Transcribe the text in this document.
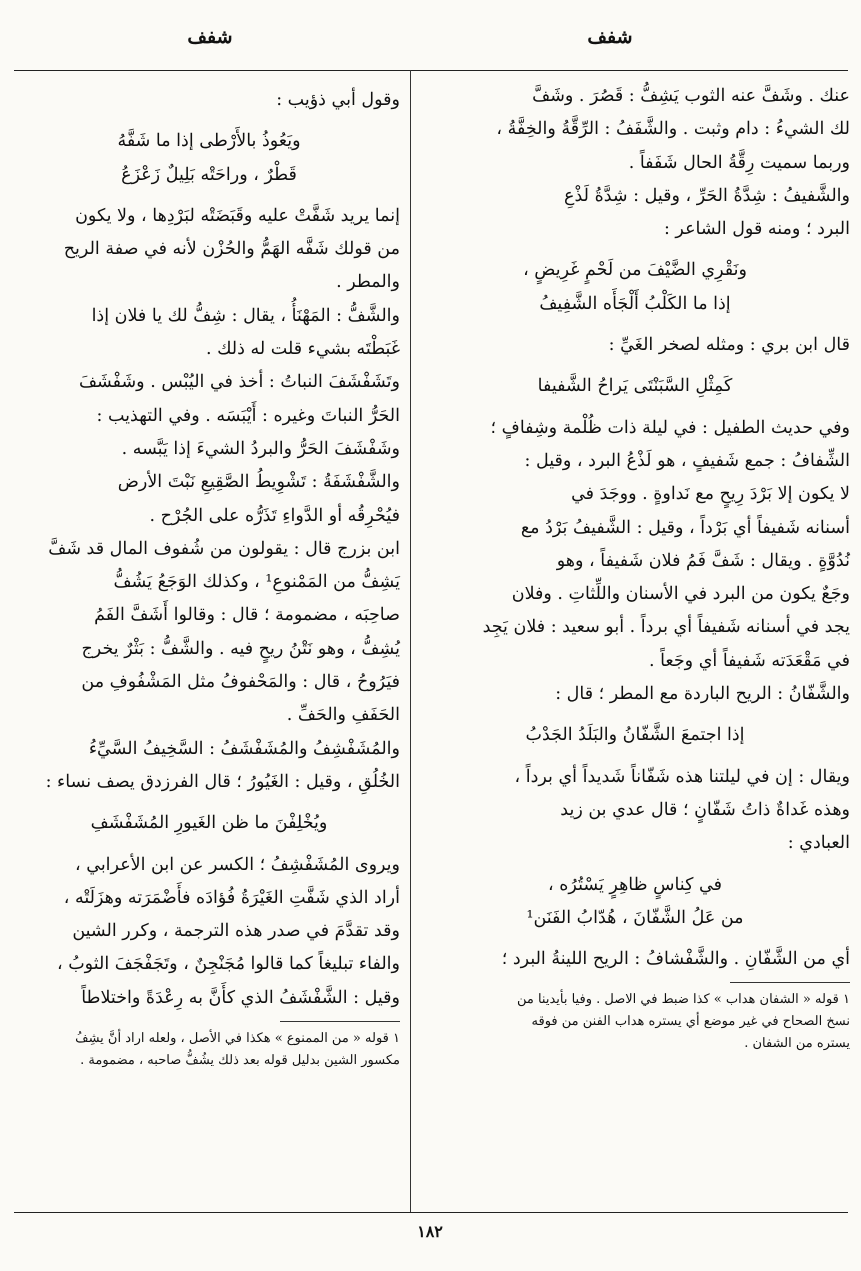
شفف
شفف

عنك . وشَفَّ عنه الثوب يَشِفُّ : قَصُرَ . وشَفَّ

لك الشيءُ : دام وثبت . والشَّفَفُ : الرِّقَّةُ والخِفَّةُ ،

وربما سميت رِقَّةُ الحال شَفَفاً .

والشَّفيفُ : شِدَّةُ الحَرِّ ، وقيل : شِدَّةُ لَذْعِ

البرد ؛ ومنه قول الشاعر :

ونَقْرِي الضَّيْفَ من لَحْمٍ غَرِيضٍ ،

إذا ما الكَلْبُ أَلْجَأَه الشَّفِيفُ

قال ابن بري : ومثله لصخر الغَيِّ :

كَمِثْلِ السَّبَنْتَى يَراحُ الشَّفيفا

وفي حديث الطفيل : في ليلة ذات ظُلْمة وشِفافٍ ؛

الشِّفافُ : جمع شَفيفٍ ، هو لَذْعُ البرد ، وقيل :

لا يكون إلا بَرْدَ رِيحٍ مع نَداوةٍ . ووجَدَ في

أسنانه شَفيفاً أي بَرْداً ، وقيل : الشَّفيفُ بَرْدُ مع

نُدُوَّةٍ . ويقال : شَفَّ فَمُ فلان شَفيفاً ، وهو

وجَعٌ يكون من البرد في الأسنان واللِّثاتِ . وفلان

يجد في أسنانه شَفيفاً أي برداً . أبو سعيد : فلان يَجِد

في مَقْعَدَته شَفيفاً أي وجَعاً .

والشَّفّانُ : الريح الباردة مع المطر ؛ قال :

إذا اجتمعَ الشَّفّانُ والبَلَدُ الجَدْبُ

ويقال : إن في ليلتنا هذه شَفّاناً شَديداً أي برداً ،

وهذه غَداةٌ ذاتُ شَفّانٍ ؛ قال عدي بن زيد

العبادي :

في كِناسٍ ظاهِرٍ يَسْتُرُه ،

من عَلُ الشَّفّانَ ، هُدّابُ الفَنَن¹

أي من الشَّفّانِ . والشَّفْشافُ : الريح اللينةُ البرد ؛

١ قوله « الشفان هداب » كذا ضبط في الاصل . وفيا بأيدينا من

نسخ الصحاح في غير موضع أي يستره هداب الفنن من فوقه

يستره من الشفان .

وقول أبي ذؤيب :

ويَعُوذُ بالأَرْطى إذا ما شَفَّهُ

قَطْرٌ ، وراحَتْه بَلِيلٌ زَعْزَعُ

إنما يريد شَفَّتْ عليه وقَبَضَتْه لبَرْدِها ، ولا يكون

من قولك شَفَّه الهَمُّ والحُزْن لأنه في صفة الريح

والمطر .

والشَّفُّ : المَهْنَأُ ، يقال : شِفُّ لك يا فلان إذا

غَبَطْتَه بشيء قلت له ذلك .

وتَشَفْشَفَ النباتُ : أخذ في اليُبْس . وشَفْشَفَ

الحَرُّ النباتَ وغيره : أَيْبَسَه . وفي التهذيب :

وشَفْشَفَ الحَرُّ والبردُ الشيءَ إذا يَبَّسه .

والشَّفْشَفَةُ : تَشْوِيطُ الصَّقِيعِ نَبْتَ الأرض

فيُحْرِقُه أو الدَّواءِ تَذَرُّه على الجُرْح .

ابن بزرج قال : يقولون من شُفوف المال قد شَفَّ

يَشِفُّ من المَمْنوعِ¹ ، وكذلك الوَجَعُ يَشُفُّ

صاحِبَه ، مضمومة ؛ قال : وقالوا أَشَفَّ الفَمُ

يُشِفُّ ، وهو نَتْنُ ريحٍ فيه . والشَّفُّ : بَثْرٌ يخرج

فيَرُوحُ ، قال : والمَحْفوفُ مثل المَشْفُوفِ من

الحَفَفِ والحَفِّ .

والمُشَفْشِفُ والمُشَفْشَفُ : السَّخِيفُ السَّيِّءُ

الخُلُقِ ، وقيل : الغَيُورُ ؛ قال الفرزدق يصف نساء :

ويُخْلِفْنَ ما ظن الغَيورِ المُشَفْشَفِ

ويروى المُشَفْشِفُ ؛ الكسر عن ابن الأعرابي ،

أراد الذي شَفَّتِ الغَيْرَةُ فُؤادَه فأَضْمَرَته وهزَلَتْه ،

وقد تقدَّمَ في صدر هذه الترجمة ، وكرر الشين

والفاء تبليغاً كما قالوا مُجَنْجِنٌ ، وتَجَفْجَفَ الثوبُ ،

وقيل : الشَّفْشَفُ الذي كأَنَّ به رِعْدَةً واختلاطاً

١ قوله « من الممنوع » هكذا في الأصل ، ولعله اراد أنَّ يشِفُ

مكسور الشين بدليل قوله بعد ذلك يشُفُّ صاحبه ، مضمومة .

١٨٢
